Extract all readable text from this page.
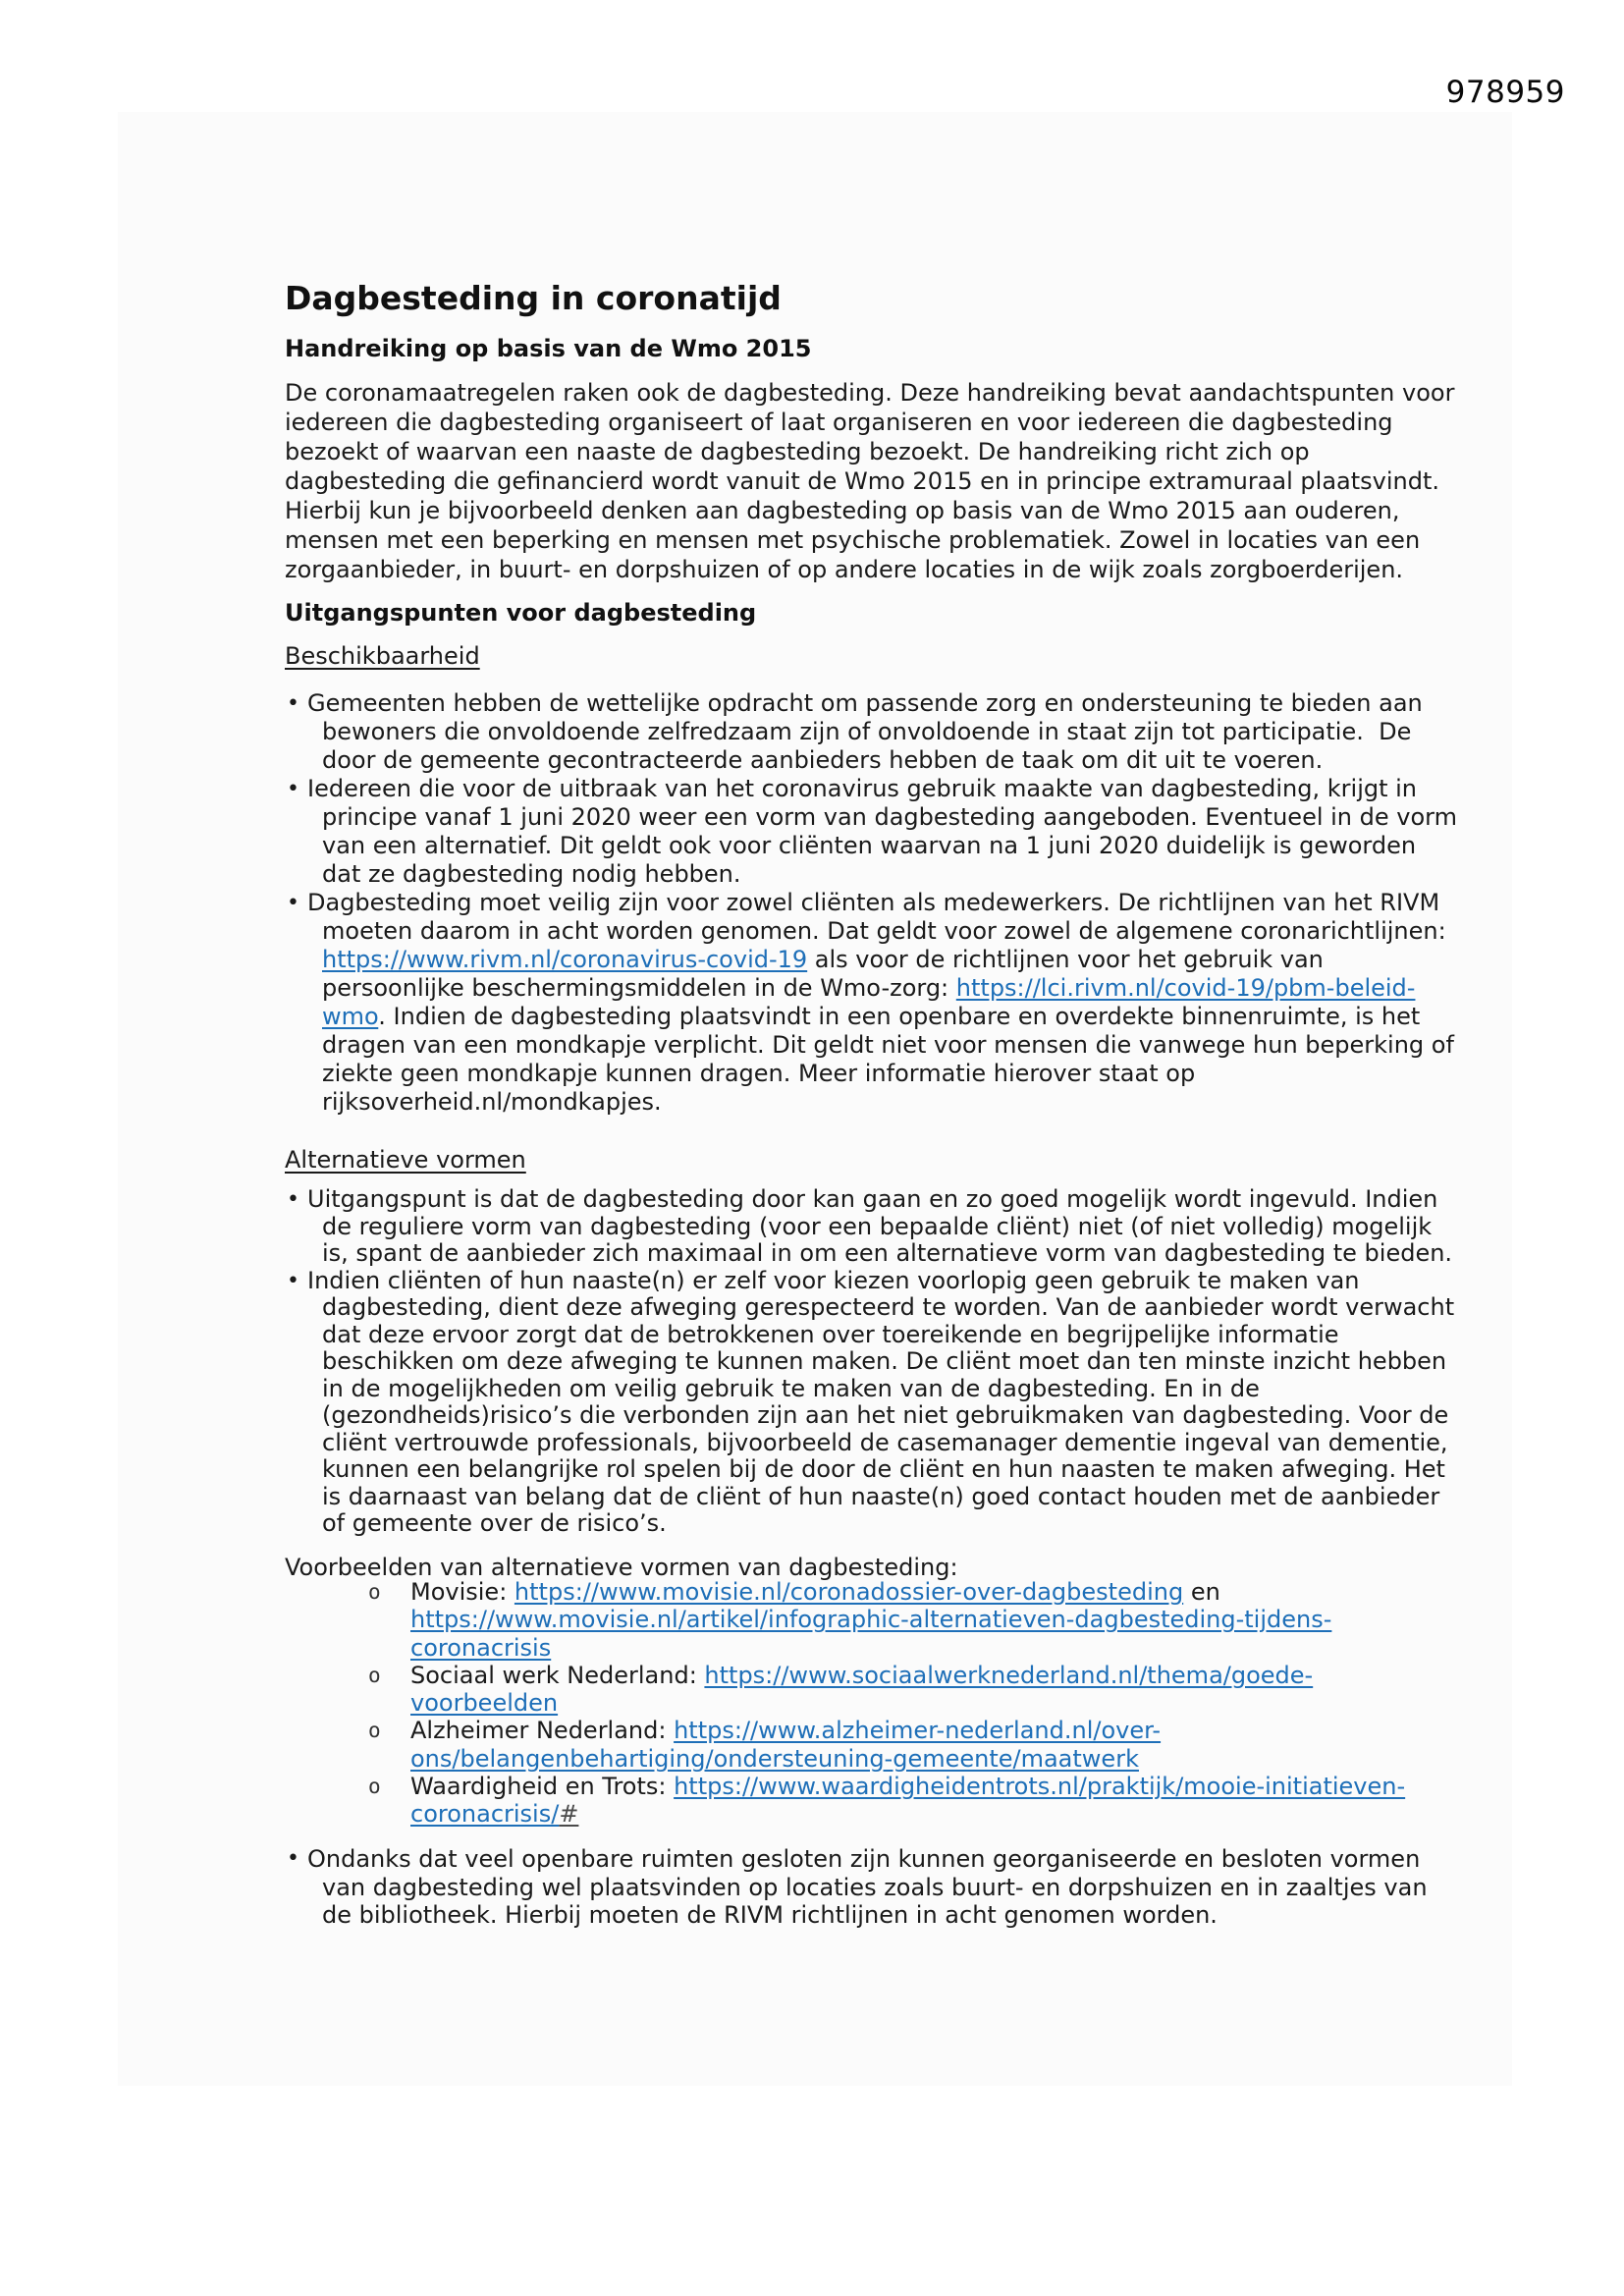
978959
Dagbesteding in coronatijd
Handreiking op basis van de Wmo 2015
De coronamaatregelen raken ook de dagbesteding. Deze handreiking bevat aandachtspunten voor
iedereen die dagbesteding organiseert of laat organiseren en voor iedereen die dagbesteding
bezoekt of waarvan een naaste de dagbesteding bezoekt. De handreiking richt zich op
dagbesteding die gefinancierd wordt vanuit de Wmo 2015 en in principe extramuraal plaatsvindt.
Hierbij kun je bijvoorbeeld denken aan dagbesteding op basis van de Wmo 2015 aan ouderen,
mensen met een beperking en mensen met psychische problematiek. Zowel in locaties van een
zorgaanbieder, in buurt- en dorpshuizen of op andere locaties in de wijk zoals zorgboerderijen.
Uitgangspunten voor dagbesteding
Beschikbaarheid
• Gemeenten hebben de wettelijke opdracht om passende zorg en ondersteuning te bieden aan
bewoners die onvoldoende zelfredzaam zijn of onvoldoende in staat zijn tot participatie.  De
door de gemeente gecontracteerde aanbieders hebben de taak om dit uit te voeren.
• Iedereen die voor de uitbraak van het coronavirus gebruik maakte van dagbesteding, krijgt in
principe vanaf 1 juni 2020 weer een vorm van dagbesteding aangeboden. Eventueel in de vorm
van een alternatief. Dit geldt ook voor cliënten waarvan na 1 juni 2020 duidelijk is geworden
dat ze dagbesteding nodig hebben.
• Dagbesteding moet veilig zijn voor zowel cliënten als medewerkers. De richtlijnen van het RIVM
moeten daarom in acht worden genomen. Dat geldt voor zowel de algemene coronarichtlijnen:
https://www.rivm.nl/coronavirus-covid-19 als voor de richtlijnen voor het gebruik van
persoonlijke beschermingsmiddelen in de Wmo-zorg: https://lci.rivm.nl/covid-19/pbm-beleid-
wmo. Indien de dagbesteding plaatsvindt in een openbare en overdekte binnenruimte, is het
dragen van een mondkapje verplicht. Dit geldt niet voor mensen die vanwege hun beperking of
ziekte geen mondkapje kunnen dragen. Meer informatie hierover staat op
rijksoverheid.nl/mondkapjes.
Alternatieve vormen
• Uitgangspunt is dat de dagbesteding door kan gaan en zo goed mogelijk wordt ingevuld. Indien
de reguliere vorm van dagbesteding (voor een bepaalde cliënt) niet (of niet volledig) mogelijk
is, spant de aanbieder zich maximaal in om een alternatieve vorm van dagbesteding te bieden.
• Indien cliënten of hun naaste(n) er zelf voor kiezen voorlopig geen gebruik te maken van
dagbesteding, dient deze afweging gerespecteerd te worden. Van de aanbieder wordt verwacht
dat deze ervoor zorgt dat de betrokkenen over toereikende en begrijpelijke informatie
beschikken om deze afweging te kunnen maken. De cliënt moet dan ten minste inzicht hebben
in de mogelijkheden om veilig gebruik te maken van de dagbesteding. En in de
(gezondheids)risico’s die verbonden zijn aan het niet gebruikmaken van dagbesteding. Voor de
cliënt vertrouwde professionals, bijvoorbeeld de casemanager dementie ingeval van dementie,
kunnen een belangrijke rol spelen bij de door de cliënt en hun naasten te maken afweging. Het
is daarnaast van belang dat de cliënt of hun naaste(n) goed contact houden met de aanbieder
of gemeente over de risico’s.
Voorbeelden van alternatieve vormen van dagbesteding:
o Movisie: https://www.movisie.nl/coronadossier-over-dagbesteding en
https://www.movisie.nl/artikel/infographic-alternatieven-dagbesteding-tijdens-
coronacrisis
o Sociaal werk Nederland: https://www.sociaalwerknederland.nl/thema/goede-
voorbeelden
o Alzheimer Nederland: https://www.alzheimer-nederland.nl/over-
ons/belangenbehartiging/ondersteuning-gemeente/maatwerk
o Waardigheid en Trots: https://www.waardigheidentrots.nl/praktijk/mooie-initiatieven-
coronacrisis/#
• Ondanks dat veel openbare ruimten gesloten zijn kunnen georganiseerde en besloten vormen
van dagbesteding wel plaatsvinden op locaties zoals buurt- en dorpshuizen en in zaaltjes van
de bibliotheek. Hierbij moeten de RIVM richtlijnen in acht genomen worden.
